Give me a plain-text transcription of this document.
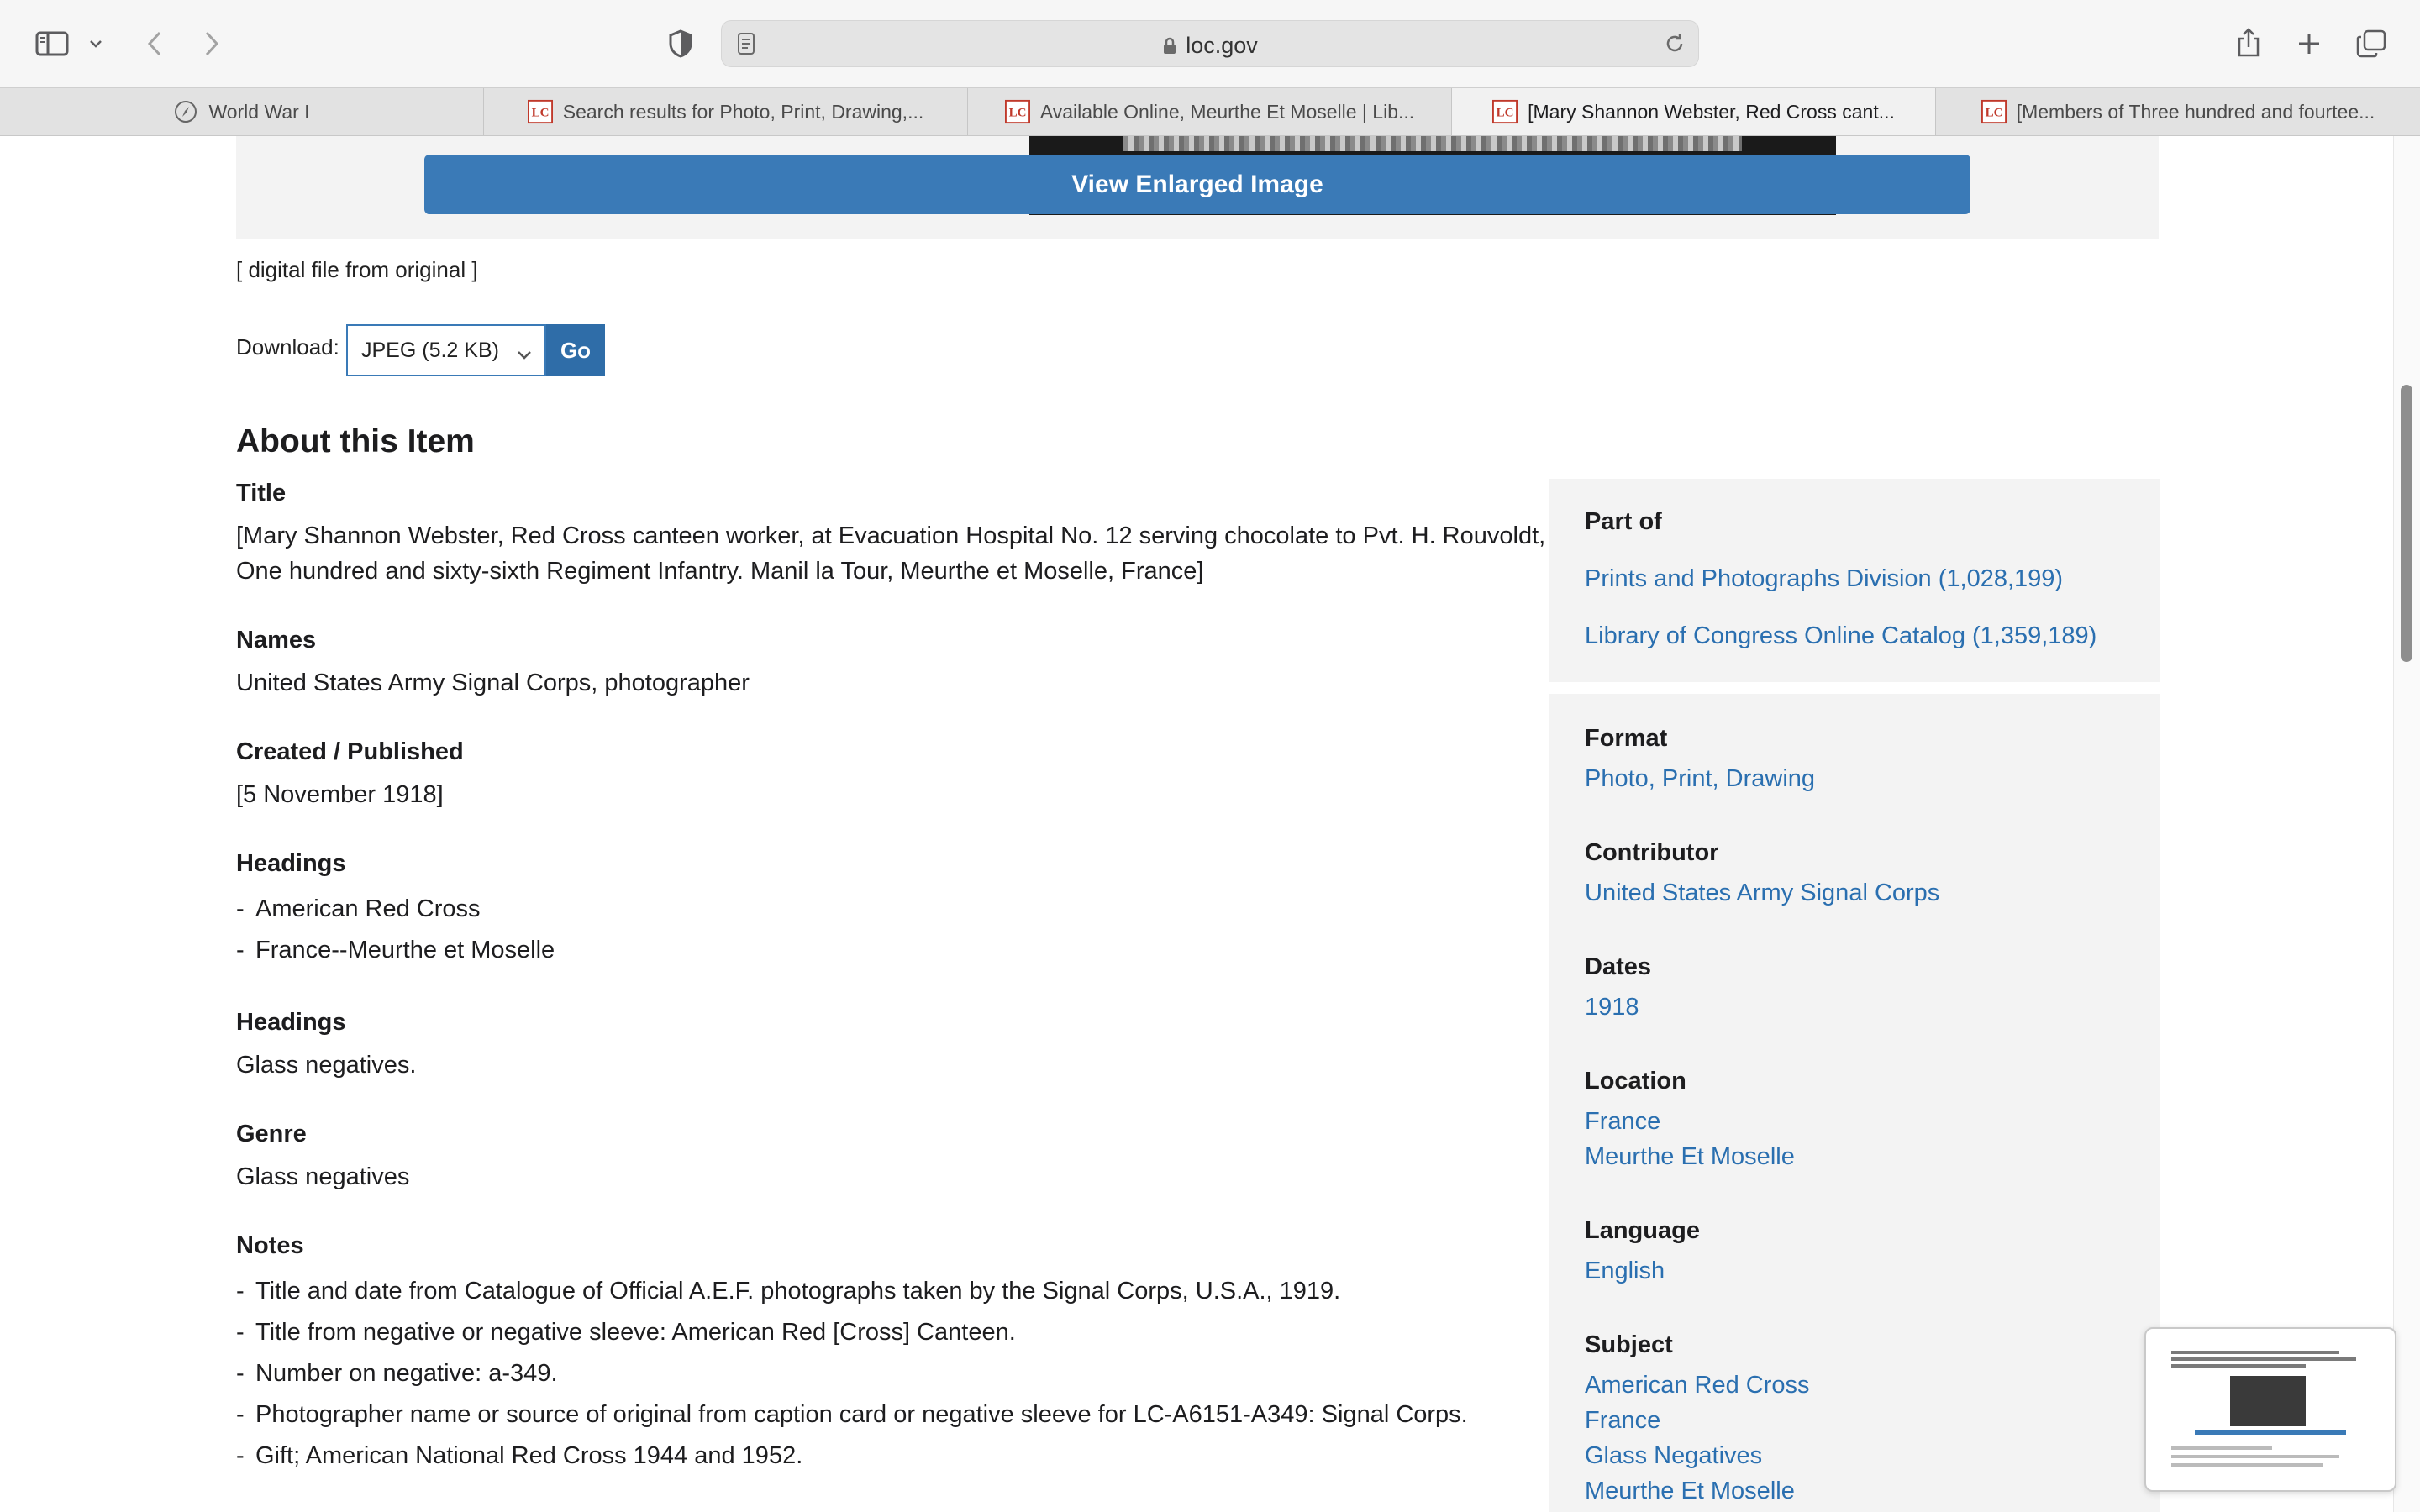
loc.gov
World War I	LC Search results for Photo, Print, Drawing,...	LC Available Online, Meurthe Et Moselle | Lib...	LC [Mary Shannon Webster, Red Cross cant...	LC [Members of Three hundred and fourtee...
View Enlarged Image
[ digital file from original ]
Download: JPEG (5.2 KB)	Go
About this Item
Title
[Mary Shannon Webster, Red Cross canteen worker, at Evacuation Hospital No. 12 serving chocolate to Pvt. H. Rouvoldt, One hundred and sixty-sixth Regiment Infantry. Manil la Tour, Meurthe et Moselle, France]
Names
United States Army Signal Corps, photographer
Created / Published
[5 November 1918]
Headings
- American Red Cross
- France--Meurthe et Moselle
Headings
Glass negatives.
Genre
Glass negatives
Notes
- Title and date from Catalogue of Official A.E.F. photographs taken by the Signal Corps, U.S.A., 1919.
- Title from negative or negative sleeve: American Red [Cross] Canteen.
- Number on negative: a-349.
- Photographer name or source of original from caption card or negative sleeve for LC-A6151-A349: Signal Corps.
- Gift; American National Red Cross 1944 and 1952.
Part of
Prints and Photographs Division (1,028,199)
Library of Congress Online Catalog (1,359,189)
Format
Photo, Print, Drawing
Contributor
United States Army Signal Corps
Dates
1918
Location
France
Meurthe Et Moselle
Language
English
Subject
American Red Cross
France
Glass Negatives
Meurthe Et Moselle
